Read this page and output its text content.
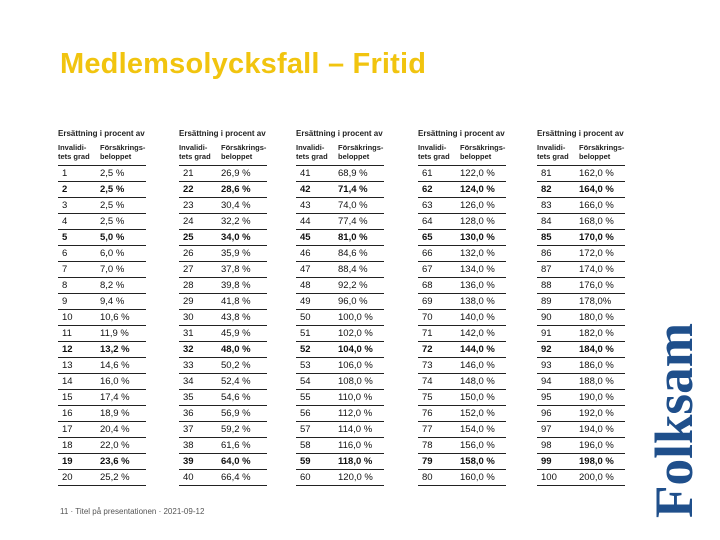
Medlemsolycksfall – Fritid
Ersättning i procent av
Invalidi-
tets grad
Försäkrings-
beloppet
1	2,5 %
2	2,5 %
3	2,5 %
4	2,5 %
5	5,0 %
6	6,0 %
7	7,0 %
8	8,2 %
9	9,4 %
10	10,6 %
11	11,9 %
12	13,2 %
13	14,6 %
14	16,0 %
15	17,4 %
16	18,9 %
17	20,4 %
18	22,0 %
19	23,6 %
20	25,2 %
Ersättning i procent av
Invalidi-
tets grad
Försäkrings-
beloppet
21	26,9 %
22	28,6 %
23	30,4 %
24	32,2 %
25	34,0 %
26	35,9 %
27	37,8 %
28	39,8 %
29	41,8 %
30	43,8 %
31	45,9 %
32	48,0 %
33	50,2 %
34	52,4 %
35	54,6 %
36	56,9 %
37	59,2 %
38	61,6 %
39	64,0 %
40	66,4 %
Ersättning i procent av
Invalidi-
tets grad
Försäkrings-
beloppet
41	68,9 %
42	71,4 %
43	74,0 %
44	77,4 %
45	81,0 %
46	84,6 %
47	88,4 %
48	92,2 %
49	96,0 %
50	100,0 %
51	102,0 %
52	104,0 %
53	106,0 %
54	108,0 %
55	110,0 %
56	112,0 %
57	114,0 %
58	116,0 %
59	118,0 %
60	120,0 %
Ersättning i procent av
Invalidi-
tets grad
Försäkrings-
beloppet
61	122,0 %
62	124,0 %
63	126,0 %
64	128,0 %
65	130,0 %
66	132,0 %
67	134,0 %
68	136,0 %
69	138,0 %
70	140,0 %
71	142,0 %
72	144,0 %
73	146,0 %
74	148,0 %
75	150,0 %
76	152,0 %
77	154,0 %
78	156,0 %
79	158,0 %
80	160,0 %
Ersättning i procent av
Invalidi-
tets grad
Försäkrings-
beloppet
81	162,0 %
82	164,0 %
83	166,0 %
84	168,0 %
85	170,0 %
86	172,0 %
87	174,0 %
88	176,0 %
89	178,0%
90	180,0 %
91	182,0 %
92	184,0 %
93	186,0 %
94	188,0 %
95	190,0 %
96	192,0 %
97	194,0 %
98	196,0 %
99	198,0 %
100	200,0 %
11 · Titel på presentationen · 2021-09-12	Folksam
